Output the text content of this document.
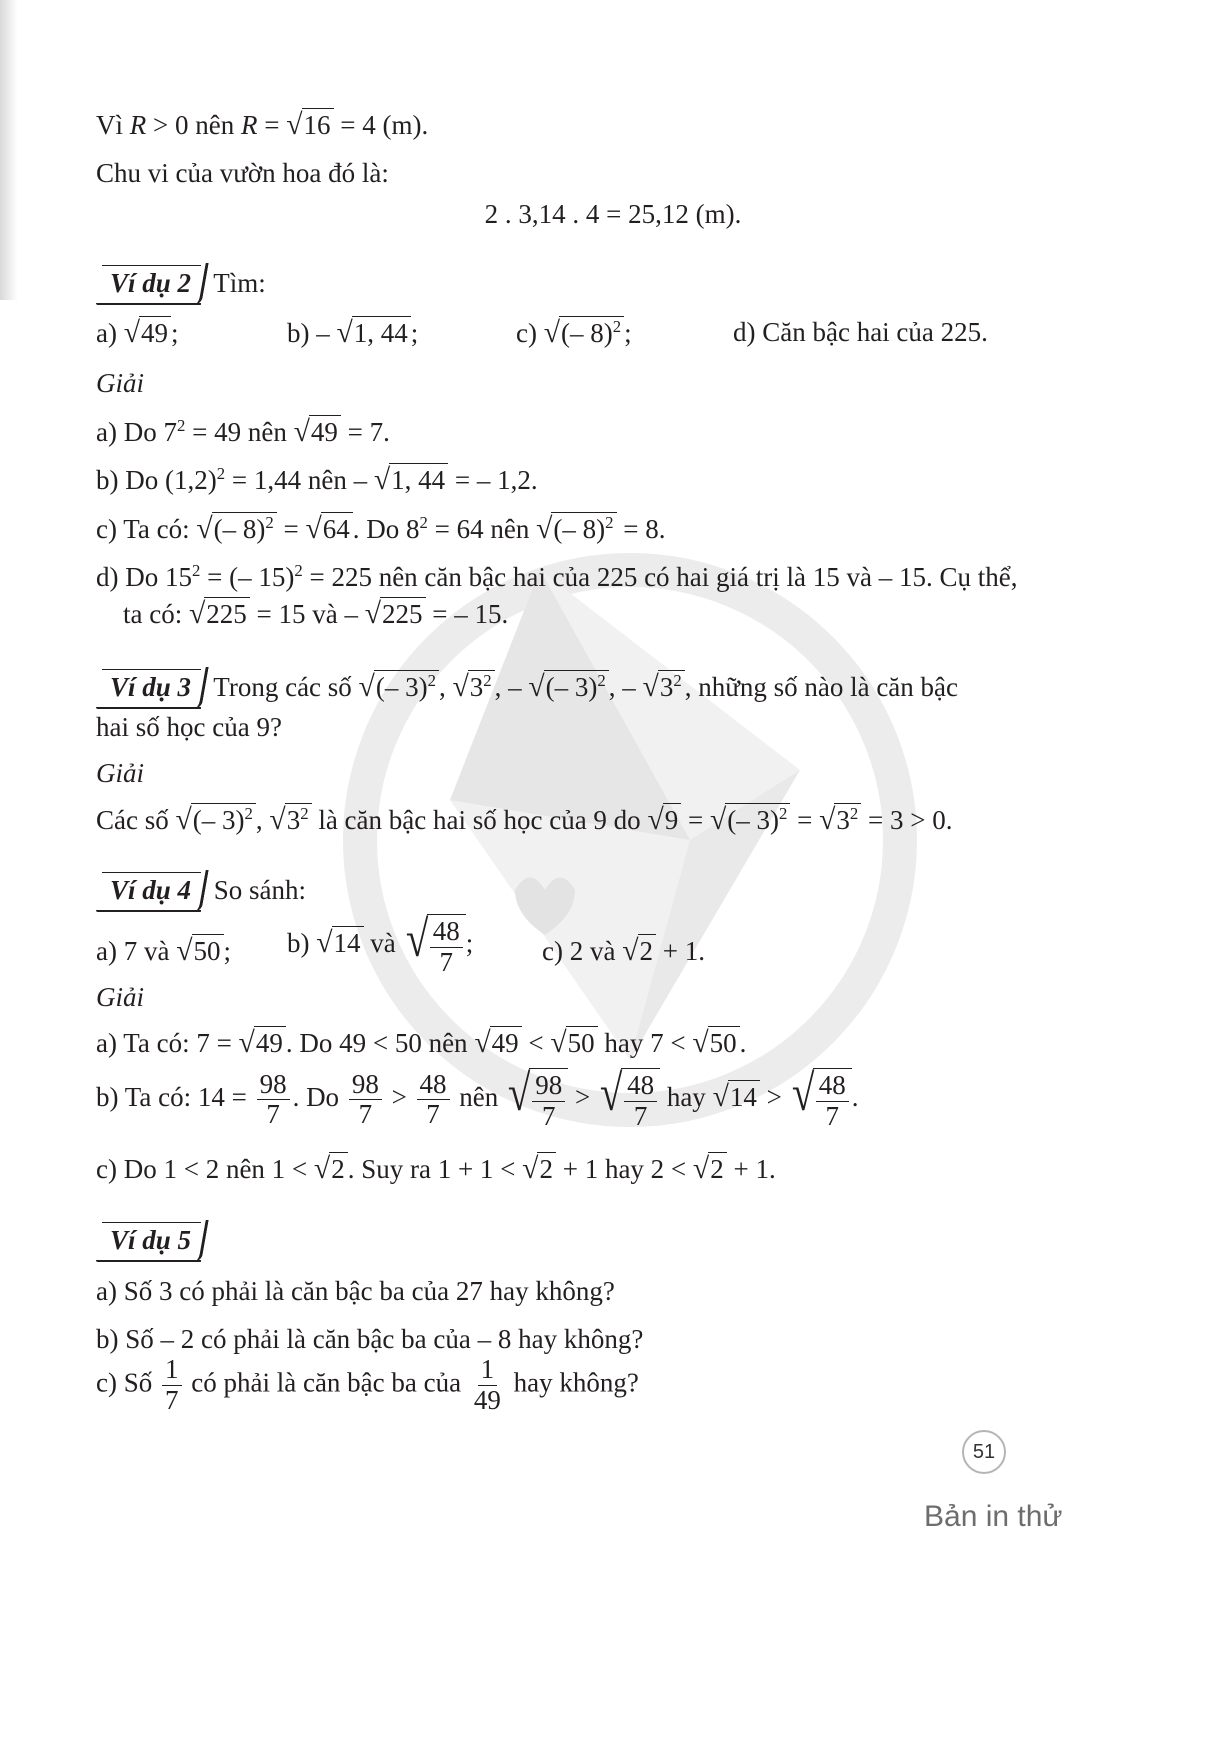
Vì R > 0 nên R = √16 = 4 (m).
Chu vi của vườn hoa đó là:
2 . 3,14 . 4 = 25,12 (m).
Ví dụ 2 Tìm:
a) √49 ;	b) – √1, 44 ;	c) √(– 8)$^2$ ;	d) Căn bậc hai của 225.
Giải
a) Do $7^2 = 49$ nên √49 = 7.
b) Do $(1,2)^2 = 1,44$ nên – √1, 44 = – 1,2.
c) Ta có: √(– 8)$^2$ = √64 . Do $8^2 = 64$ nên √(– 8)$^2$ = 8.
d) Do $15^2$ = (– 15)$^2$ = 225 nên căn bậc hai của 225 có hai giá trị là 15 và – 15. Cụ thể,
ta có: √225 = 15 và – √225 = – 15.
Ví dụ 3 Trong các số √(– 3)$^2$ , $√3^2$ , – √(– 3)$^2$ , – $√3^2$ , những số nào là căn bậc
hai số học của 9?
Giải
Các số √(– 3)$^2$ , $√3^2$ là căn bậc hai số học của 9 do √9 = √(– $3)^2 = √3^2 = 3 > 0$.
Ví dụ 4 So sánh:
a) 7 và √50 ; b) √14 và √ $\frac{48}{7}$ ;	c) 2 và √2 + 1.
Giải
a) Ta có: 7 = √49 . Do 49 < 50 nên √49 < √50 hay 7 < √50 .
b) Ta có: $14 = \frac{98}{7}$ . Do $\frac{98}{7} > \frac{48}{7}$ nên √ $\frac{98}{7}$ > √ $\frac{48}{7}$ hay √14 > √ $\frac{48}{7}$ .
c) Do 1 < 2 nên 1 < √2 . Suy ra 1 + 1 < √2 + 1 hay 2 < √2 + 1.
Ví dụ 5
a) Số 3 có phải là căn bậc ba của 27 hay không?
b) Số – 2 có phải là căn bậc ba của – 8 hay không?
c) Số $\frac{1}{7}$ có phải là căn bậc ba của $\frac{1}{49}$ hay không?
51
Bản in thử
